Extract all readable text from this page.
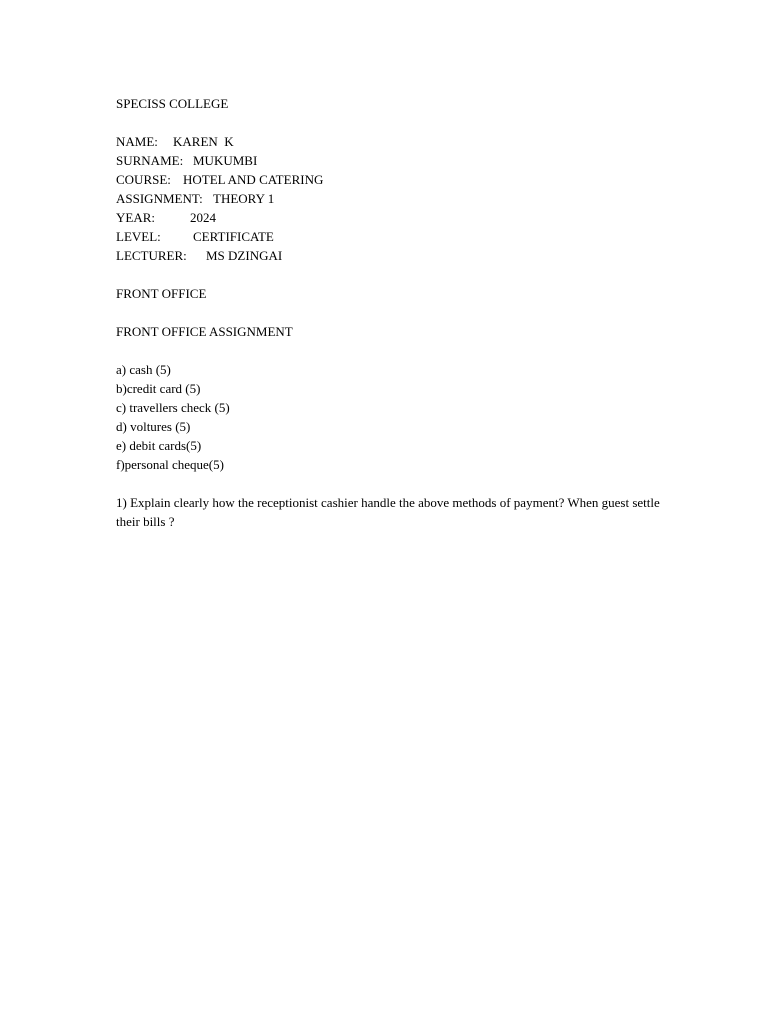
SPECISS COLLEGE
NAME: KAREN  K
SURNAME: MUKUMBI
COURSE: HOTEL AND CATERING
ASSIGNMENT: THEORY 1
YEAR:	2024
LEVEL: CERTIFICATE
LECTURER: MS DZINGAI
FRONT OFFICE
FRONT OFFICE ASSIGNMENT
a) cash (5)
b)credit card (5)
c) travellers check (5)
d) voltures (5)
e) debit cards(5)
f)personal cheque(5)
1) Explain clearly how the receptionist cashier handle the above methods of payment? When guest settle their bills ?
